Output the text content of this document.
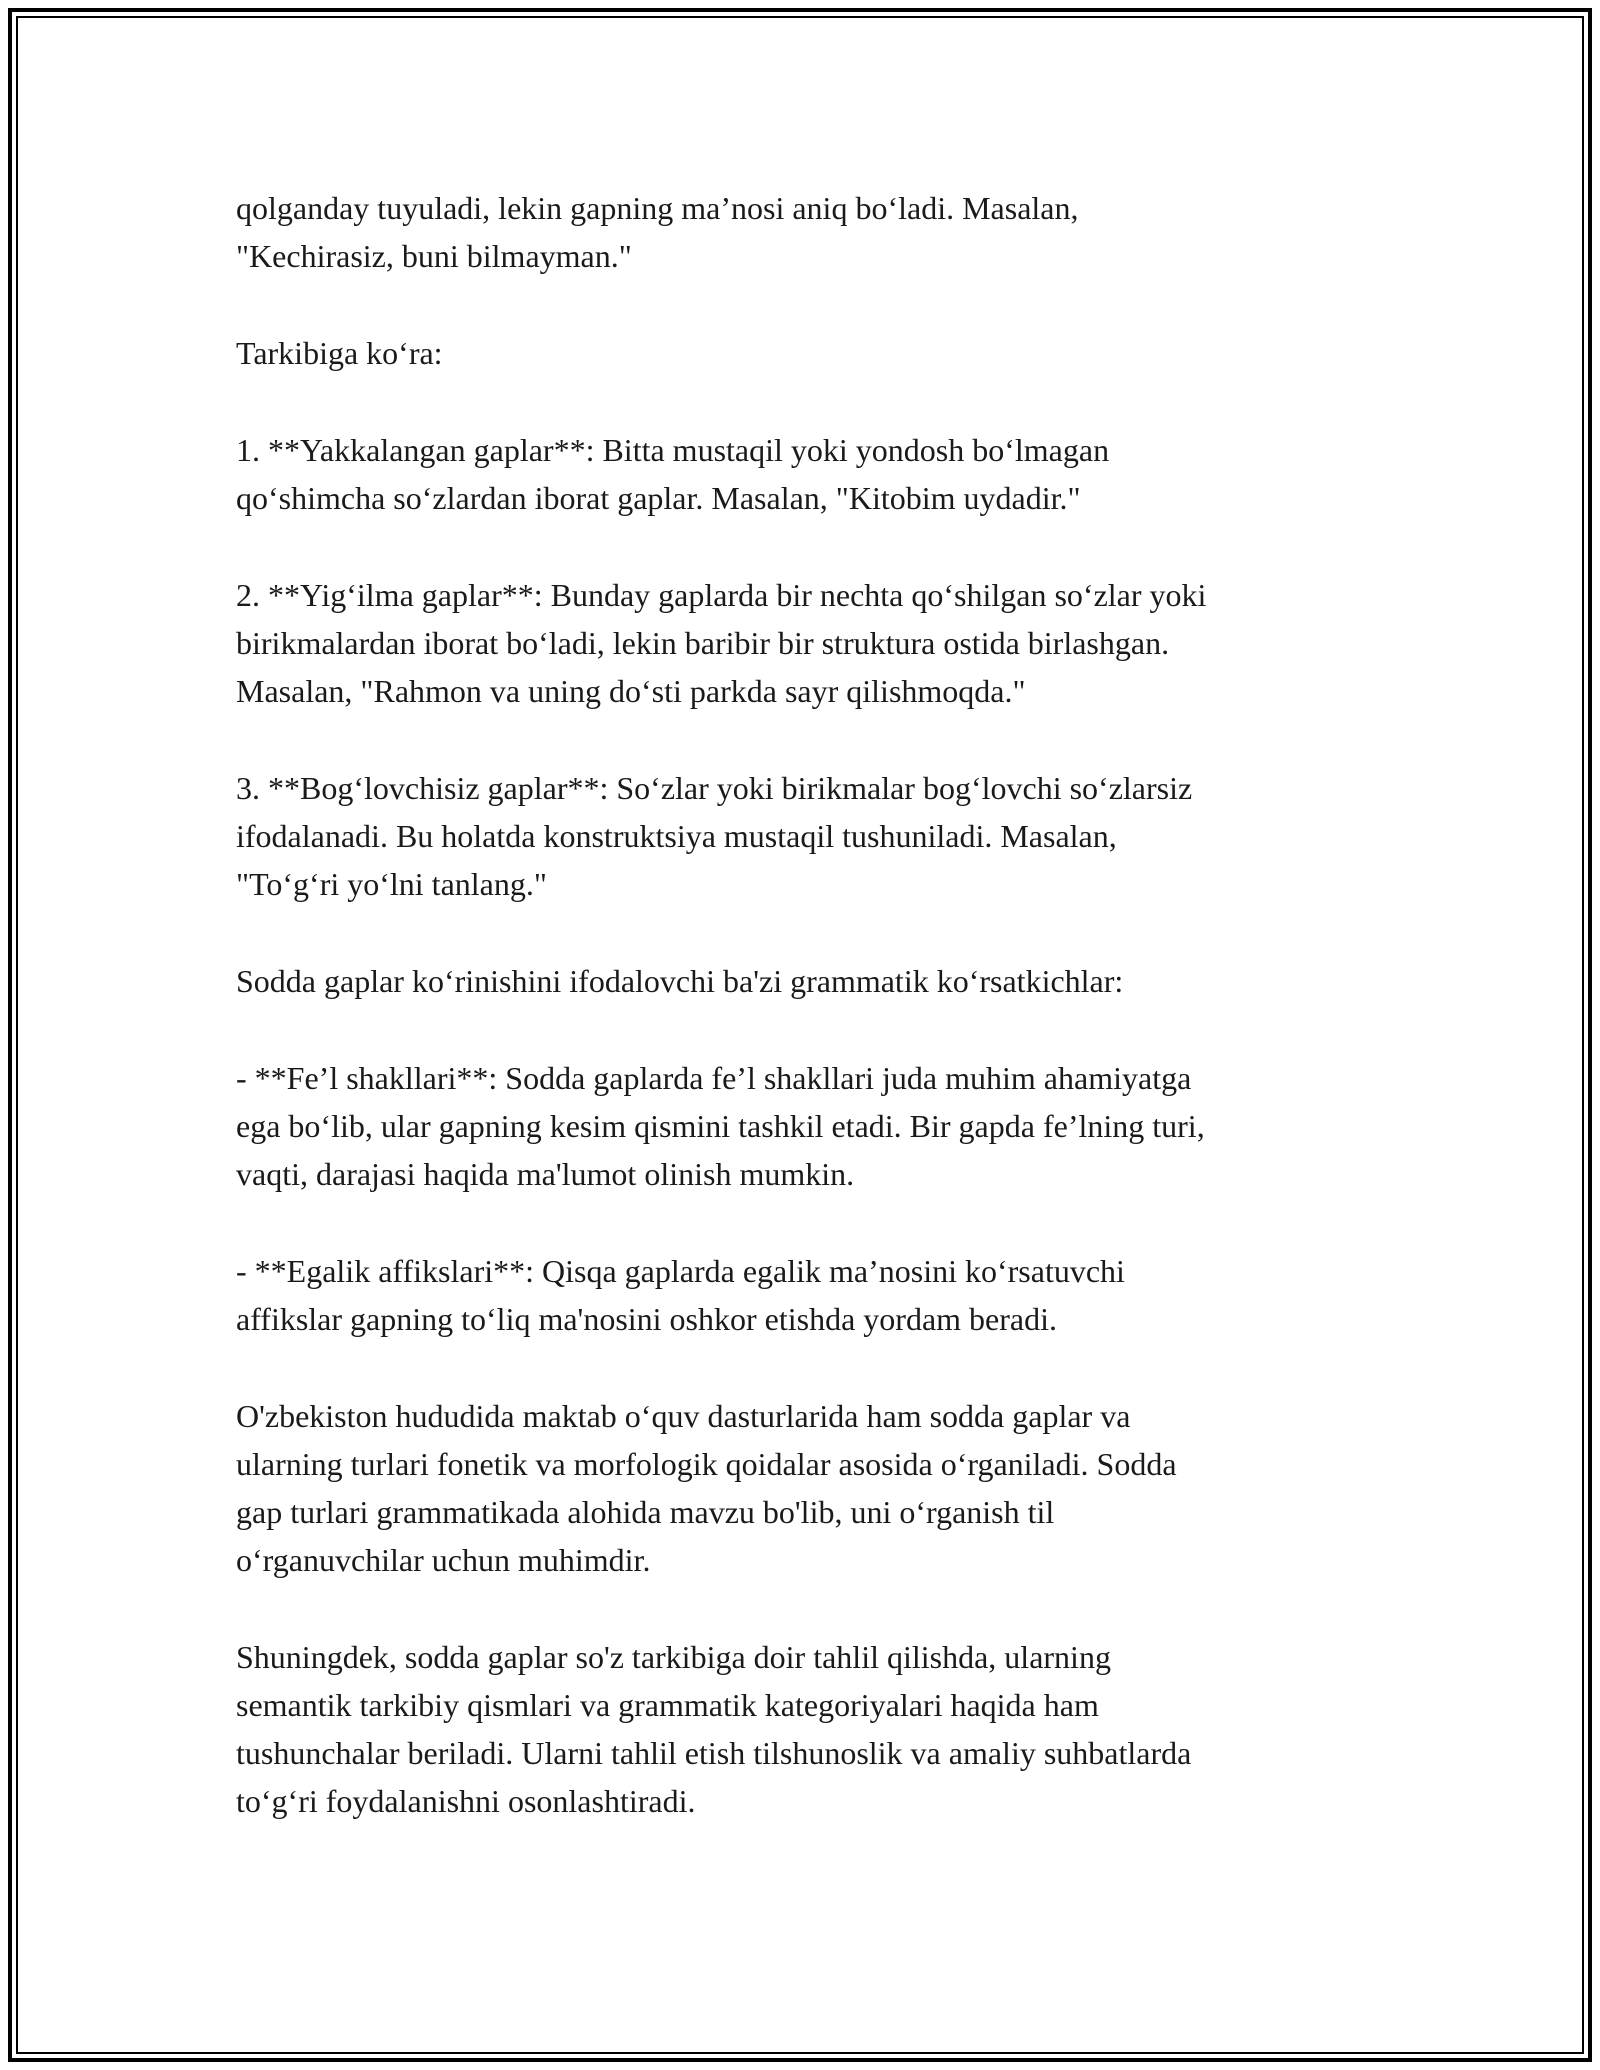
qolganday tuyuladi, lekin gapning ma’nosi aniq bo‘ladi. Masalan,
"Kechirasiz, buni bilmayman."

Tarkibiga ko‘ra:

1. **Yakkalangan gaplar**: Bitta mustaqil yoki yondosh bo‘lmagan
qo‘shimcha so‘zlardan iborat gaplar. Masalan, "Kitobim uydadir."

2. **Yig‘ilma gaplar**: Bunday gaplarda bir nechta qo‘shilgan so‘zlar yoki
birikmalardan iborat bo‘ladi, lekin baribir bir struktura ostida birlashgan.
Masalan, "Rahmon va uning do‘sti parkda sayr qilishmoqda."

3. **Bog‘lovchisiz gaplar**: So‘zlar yoki birikmalar bog‘lovchi so‘zlarsiz
ifodalanadi. Bu holatda konstruktsiya mustaqil tushuniladi. Masalan,
"To‘g‘ri yo‘lni tanlang."

Sodda gaplar ko‘rinishini ifodalovchi ba'zi grammatik ko‘rsatkichlar:

- **Fe’l shakllari**: Sodda gaplarda fe’l shakllari juda muhim ahamiyatga
ega bo‘lib, ular gapning kesim qismini tashkil etadi. Bir gapda fe’lning turi,
vaqti, darajasi haqida ma'lumot olinish mumkin.

- **Egalik affikslari**: Qisqa gaplarda egalik ma’nosini ko‘rsatuvchi
affikslar gapning to‘liq ma'nosini oshkor etishda yordam beradi.

O'zbekiston hududida maktab o‘quv dasturlarida ham sodda gaplar va
ularning turlari fonetik va morfologik qoidalar asosida o‘rganiladi. Sodda
gap turlari grammatikada alohida mavzu bo'lib, uni o‘rganish til
o‘rganuvchilar uchun muhimdir.

Shuningdek, sodda gaplar so'z tarkibiga doir tahlil qilishda, ularning
semantik tarkibiy qismlari va grammatik kategoriyalari haqida ham
tushunchalar beriladi. Ularni tahlil etish tilshunoslik va amaliy suhbatlarda
to‘g‘ri foydalanishni osonlashtiradi.
